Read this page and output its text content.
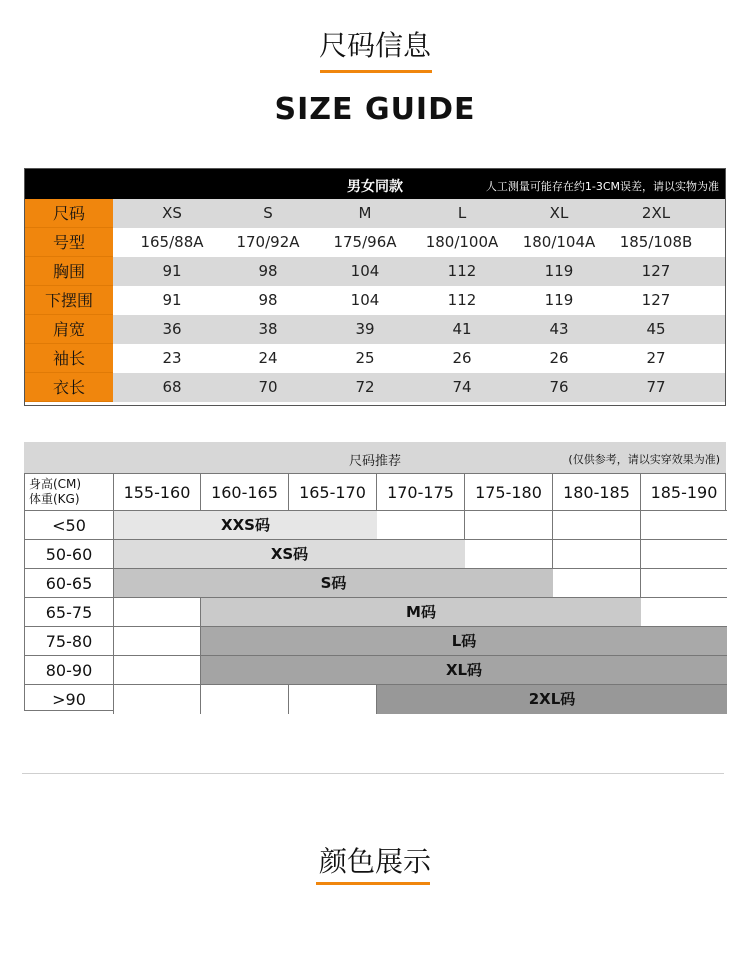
尺码信息
SIZE GUIDE
男女同款	人工测量可能存在约1-3CM误差，请以实物为准
尺码	XS	S	M	L	XL	2XL
号型	165/88A	170/92A	175/96A	180/100A	180/104A	185/108B
胸围	91	98	104	112	119	127
下摆围	91	98	104	112	119	127
肩宽	36	38	39	41	43	45
袖长	23	24	25	26	26	27
衣长	68	70	72	74	76	77
尺码推荐	(仅供参考，请以实穿效果为准)
身高(CM)
体重(KG)	155-160	160-165	165-170	170-175	175-180	180-185	185-190
<50	XXS码
50-60	XS码
60-65	S码
65-75	M码
75-80	L码
80-90	XL码
>90	2XL码
颜色展示
